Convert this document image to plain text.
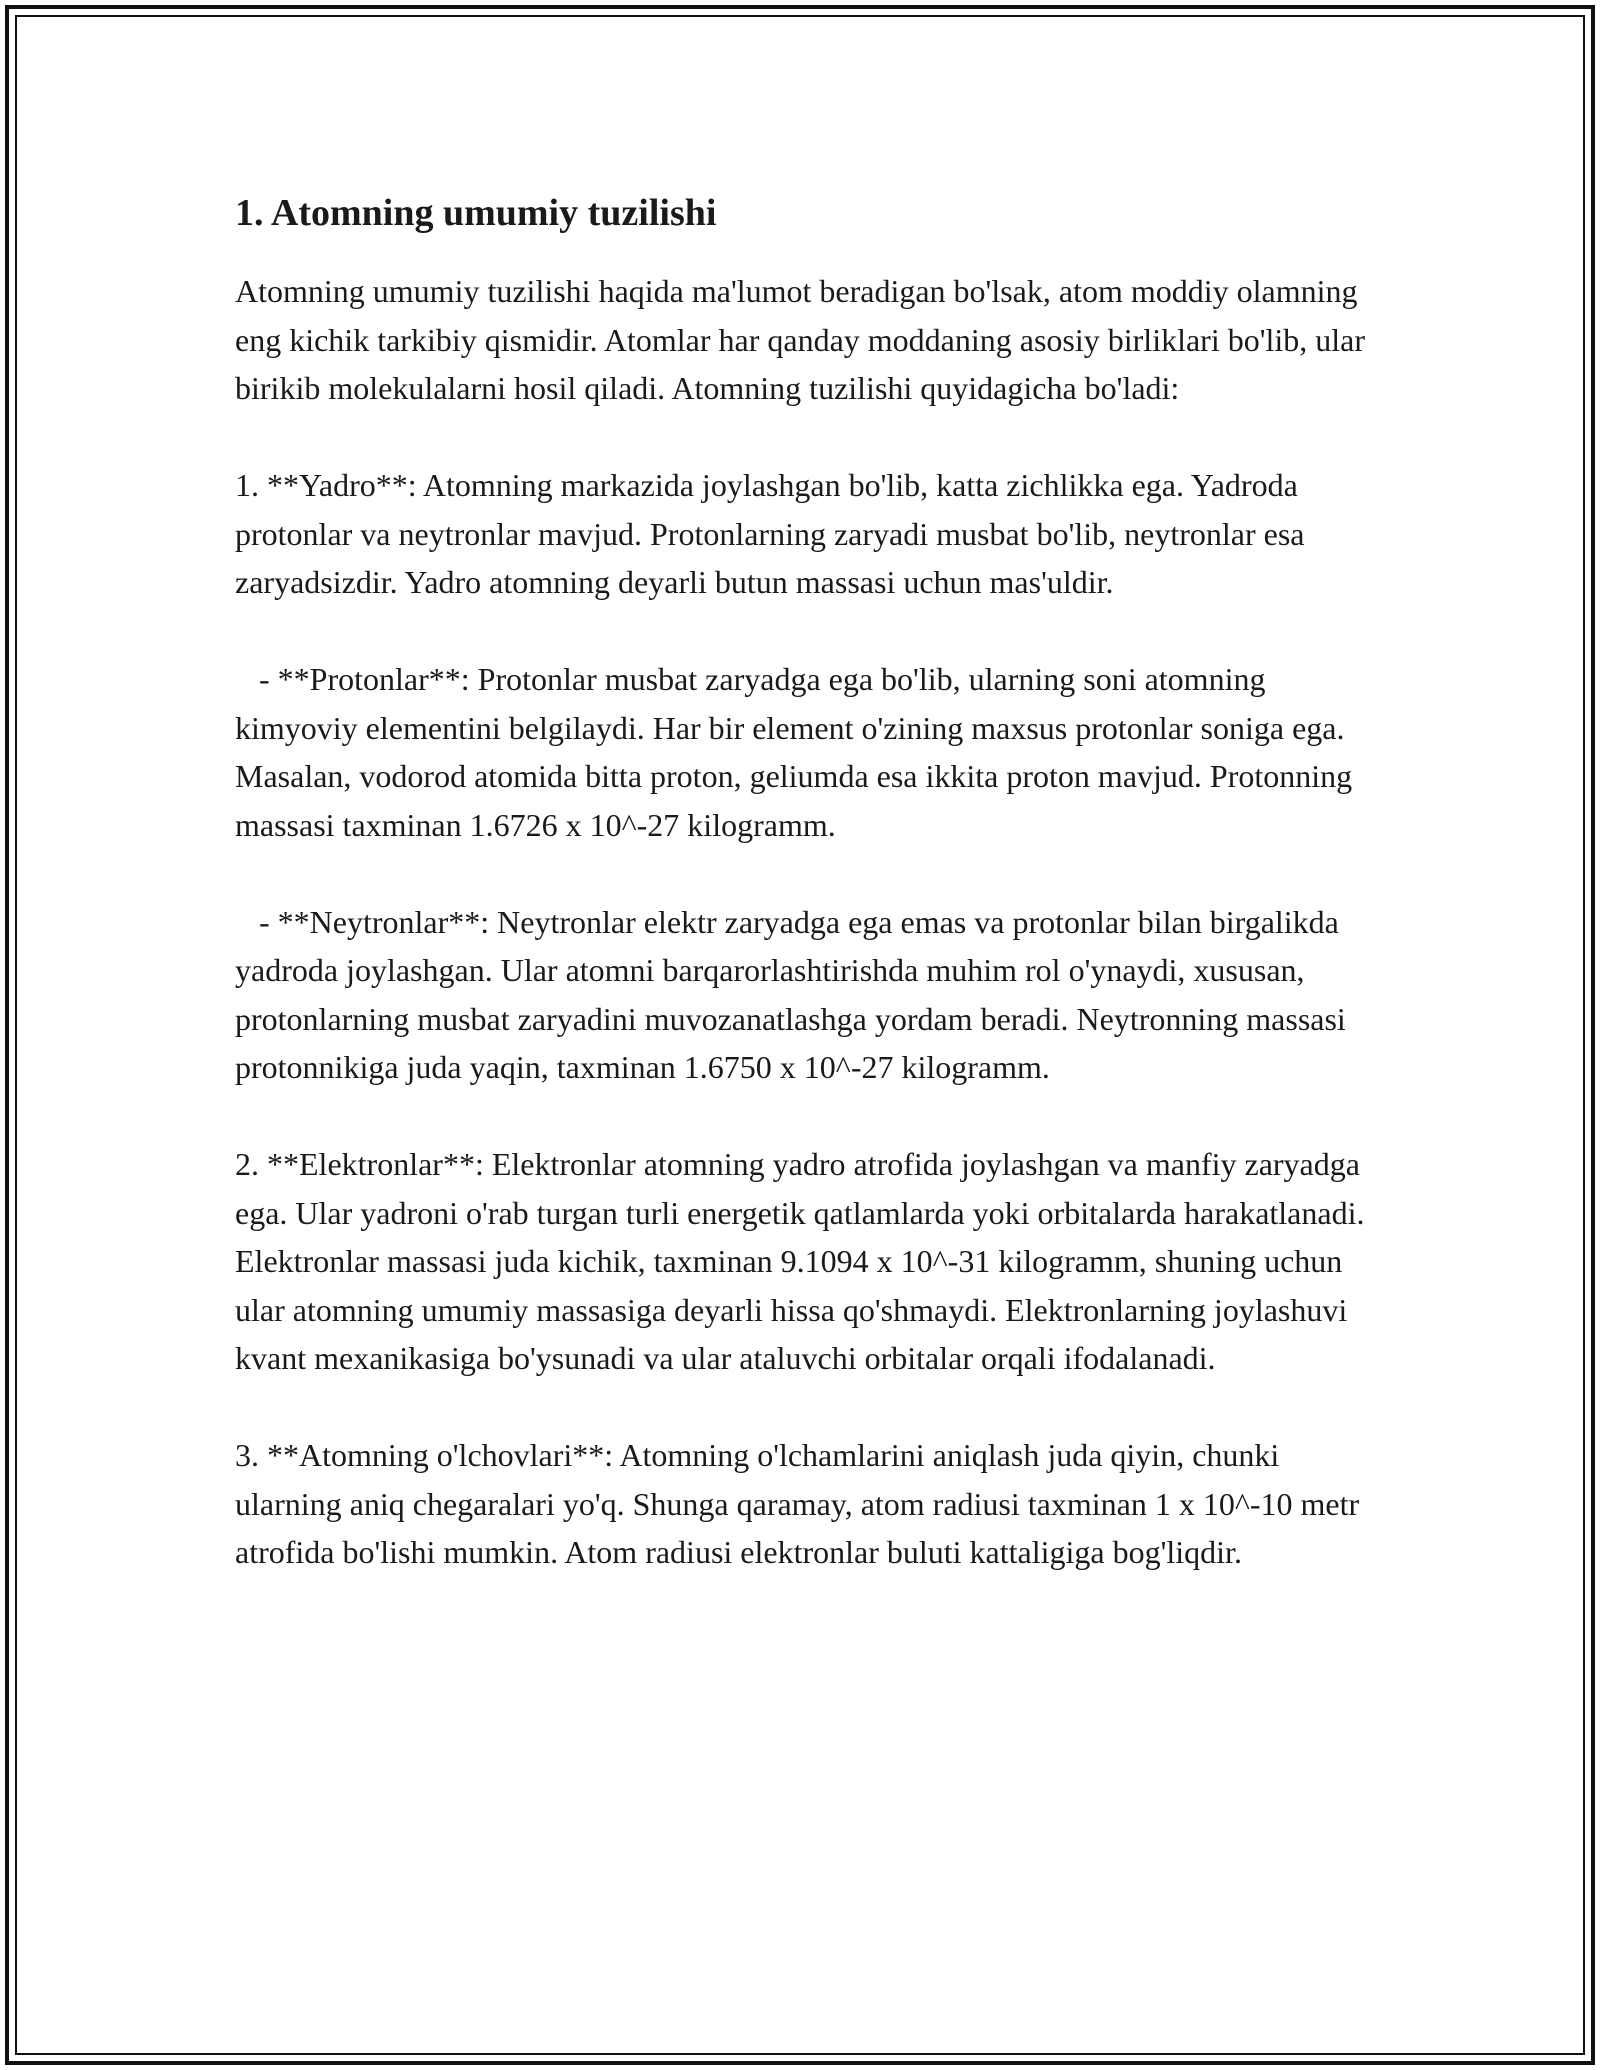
1. Atomning umumiy tuzilishi

Atomning umumiy tuzilishi haqida ma'lumot beradigan bo'lsak, atom moddiy olamning eng kichik tarkibiy qismidir. Atomlar har qanday moddaning asosiy birliklari bo'lib, ular birikib molekulalarni hosil qiladi. Atomning tuzilishi quyidagicha bo'ladi:

1. **Yadro**: Atomning markazida joylashgan bo'lib, katta zichlikka ega. Yadroda protonlar va neytronlar mavjud. Protonlarning zaryadi musbat bo'lib, neytronlar esa zaryadsizdir. Yadro atomning deyarli butun massasi uchun mas'uldir.

- **Protonlar**: Protonlar musbat zaryadga ega bo'lib, ularning soni atomning kimyoviy elementini belgilaydi. Har bir element o'zining maxsus protonlar soniga ega. Masalan, vodorod atomida bitta proton, geliumda esa ikkita proton mavjud. Protonning massasi taxminan 1.6726 x 10^-27 kilogramm.

- **Neytronlar**: Neytronlar elektr zaryadga ega emas va protonlar bilan birgalikda yadroda joylashgan. Ular atomni barqarorlashtirishda muhim rol o'ynaydi, xususan, protonlarning musbat zaryadini muvozanatlashga yordam beradi. Neytronning massasi protonnikiga juda yaqin, taxminan 1.6750 x 10^-27 kilogramm.

2. **Elektronlar**: Elektronlar atomning yadro atrofida joylashgan va manfiy zaryadga ega. Ular yadroni o'rab turgan turli energetik qatlamlarda yoki orbitalarda harakatlanadi. Elektronlar massasi juda kichik, taxminan 9.1094 x 10^-31 kilogramm, shuning uchun ular atomning umumiy massasiga deyarli hissa qo'shmaydi. Elektronlarning joylashuvi kvant mexanikasiga bo'ysunadi va ular ataluvchi orbitalar orqali ifodalanadi.

3. **Atomning o'lchovlari**: Atomning o'lchamlarini aniqlash juda qiyin, chunki ularning aniq chegaralari yo'q. Shunga qaramay, atom radiusi taxminan 1 x 10^-10 metr atrofida bo'lishi mumkin. Atom radiusi elektronlar buluti kattaligiga bog'liqdir.
